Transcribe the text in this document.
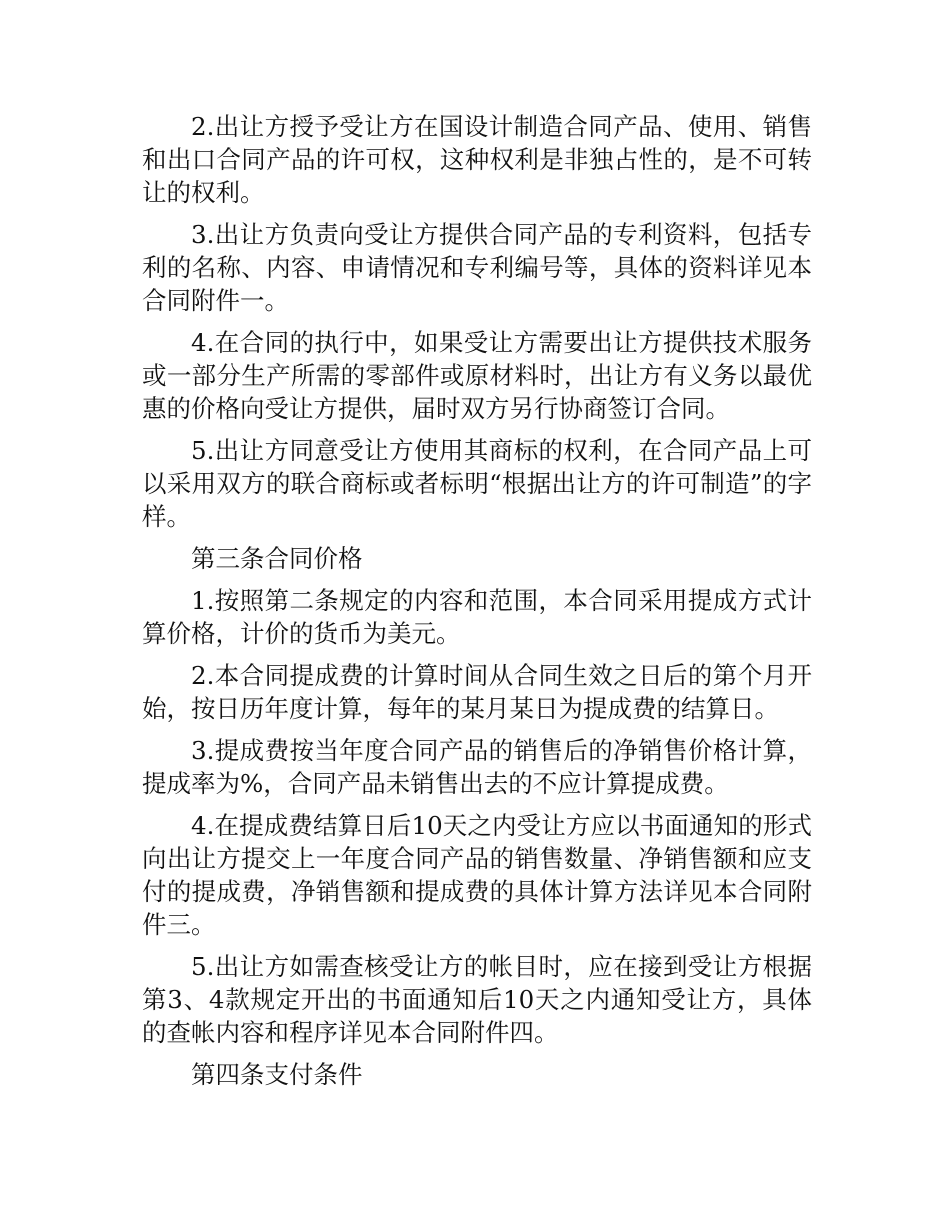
2.出让方授予受让方在国设计制造合同产品、使用、销售和出口合同产品的许可权，这种权利是非独占性的，是不可转让的权利。

3.出让方负责向受让方提供合同产品的专利资料，包括专利的名称、内容、申请情况和专利编号等，具体的资料详见本合同附件一。

4.在合同的执行中，如果受让方需要出让方提供技术服务或一部分生产所需的零部件或原材料时，出让方有义务以最优惠的价格向受让方提供，届时双方另行协商签订合同。

5.出让方同意受让方使用其商标的权利，在合同产品上可以采用双方的联合商标或者标明“根据出让方的许可制造”的字样。

第三条合同价格

1.按照第二条规定的内容和范围，本合同采用提成方式计算价格，计价的货币为美元。

2.本合同提成费的计算时间从合同生效之日后的第个月开始，按日历年度计算，每年的某月某日为提成费的结算日。

3.提成费按当年度合同产品的销售后的净销售价格计算，提成率为%，合同产品未销售出去的不应计算提成费。

4.在提成费结算日后10天之内受让方应以书面通知的形式向出让方提交上一年度合同产品的销售数量、净销售额和应支付的提成费，净销售额和提成费的具体计算方法详见本合同附件三。

5.出让方如需查核受让方的帐目时，应在接到受让方根据第3、4款规定开出的书面通知后10天之内通知受让方，具体的查帐内容和程序详见本合同附件四。

第四条支付条件
